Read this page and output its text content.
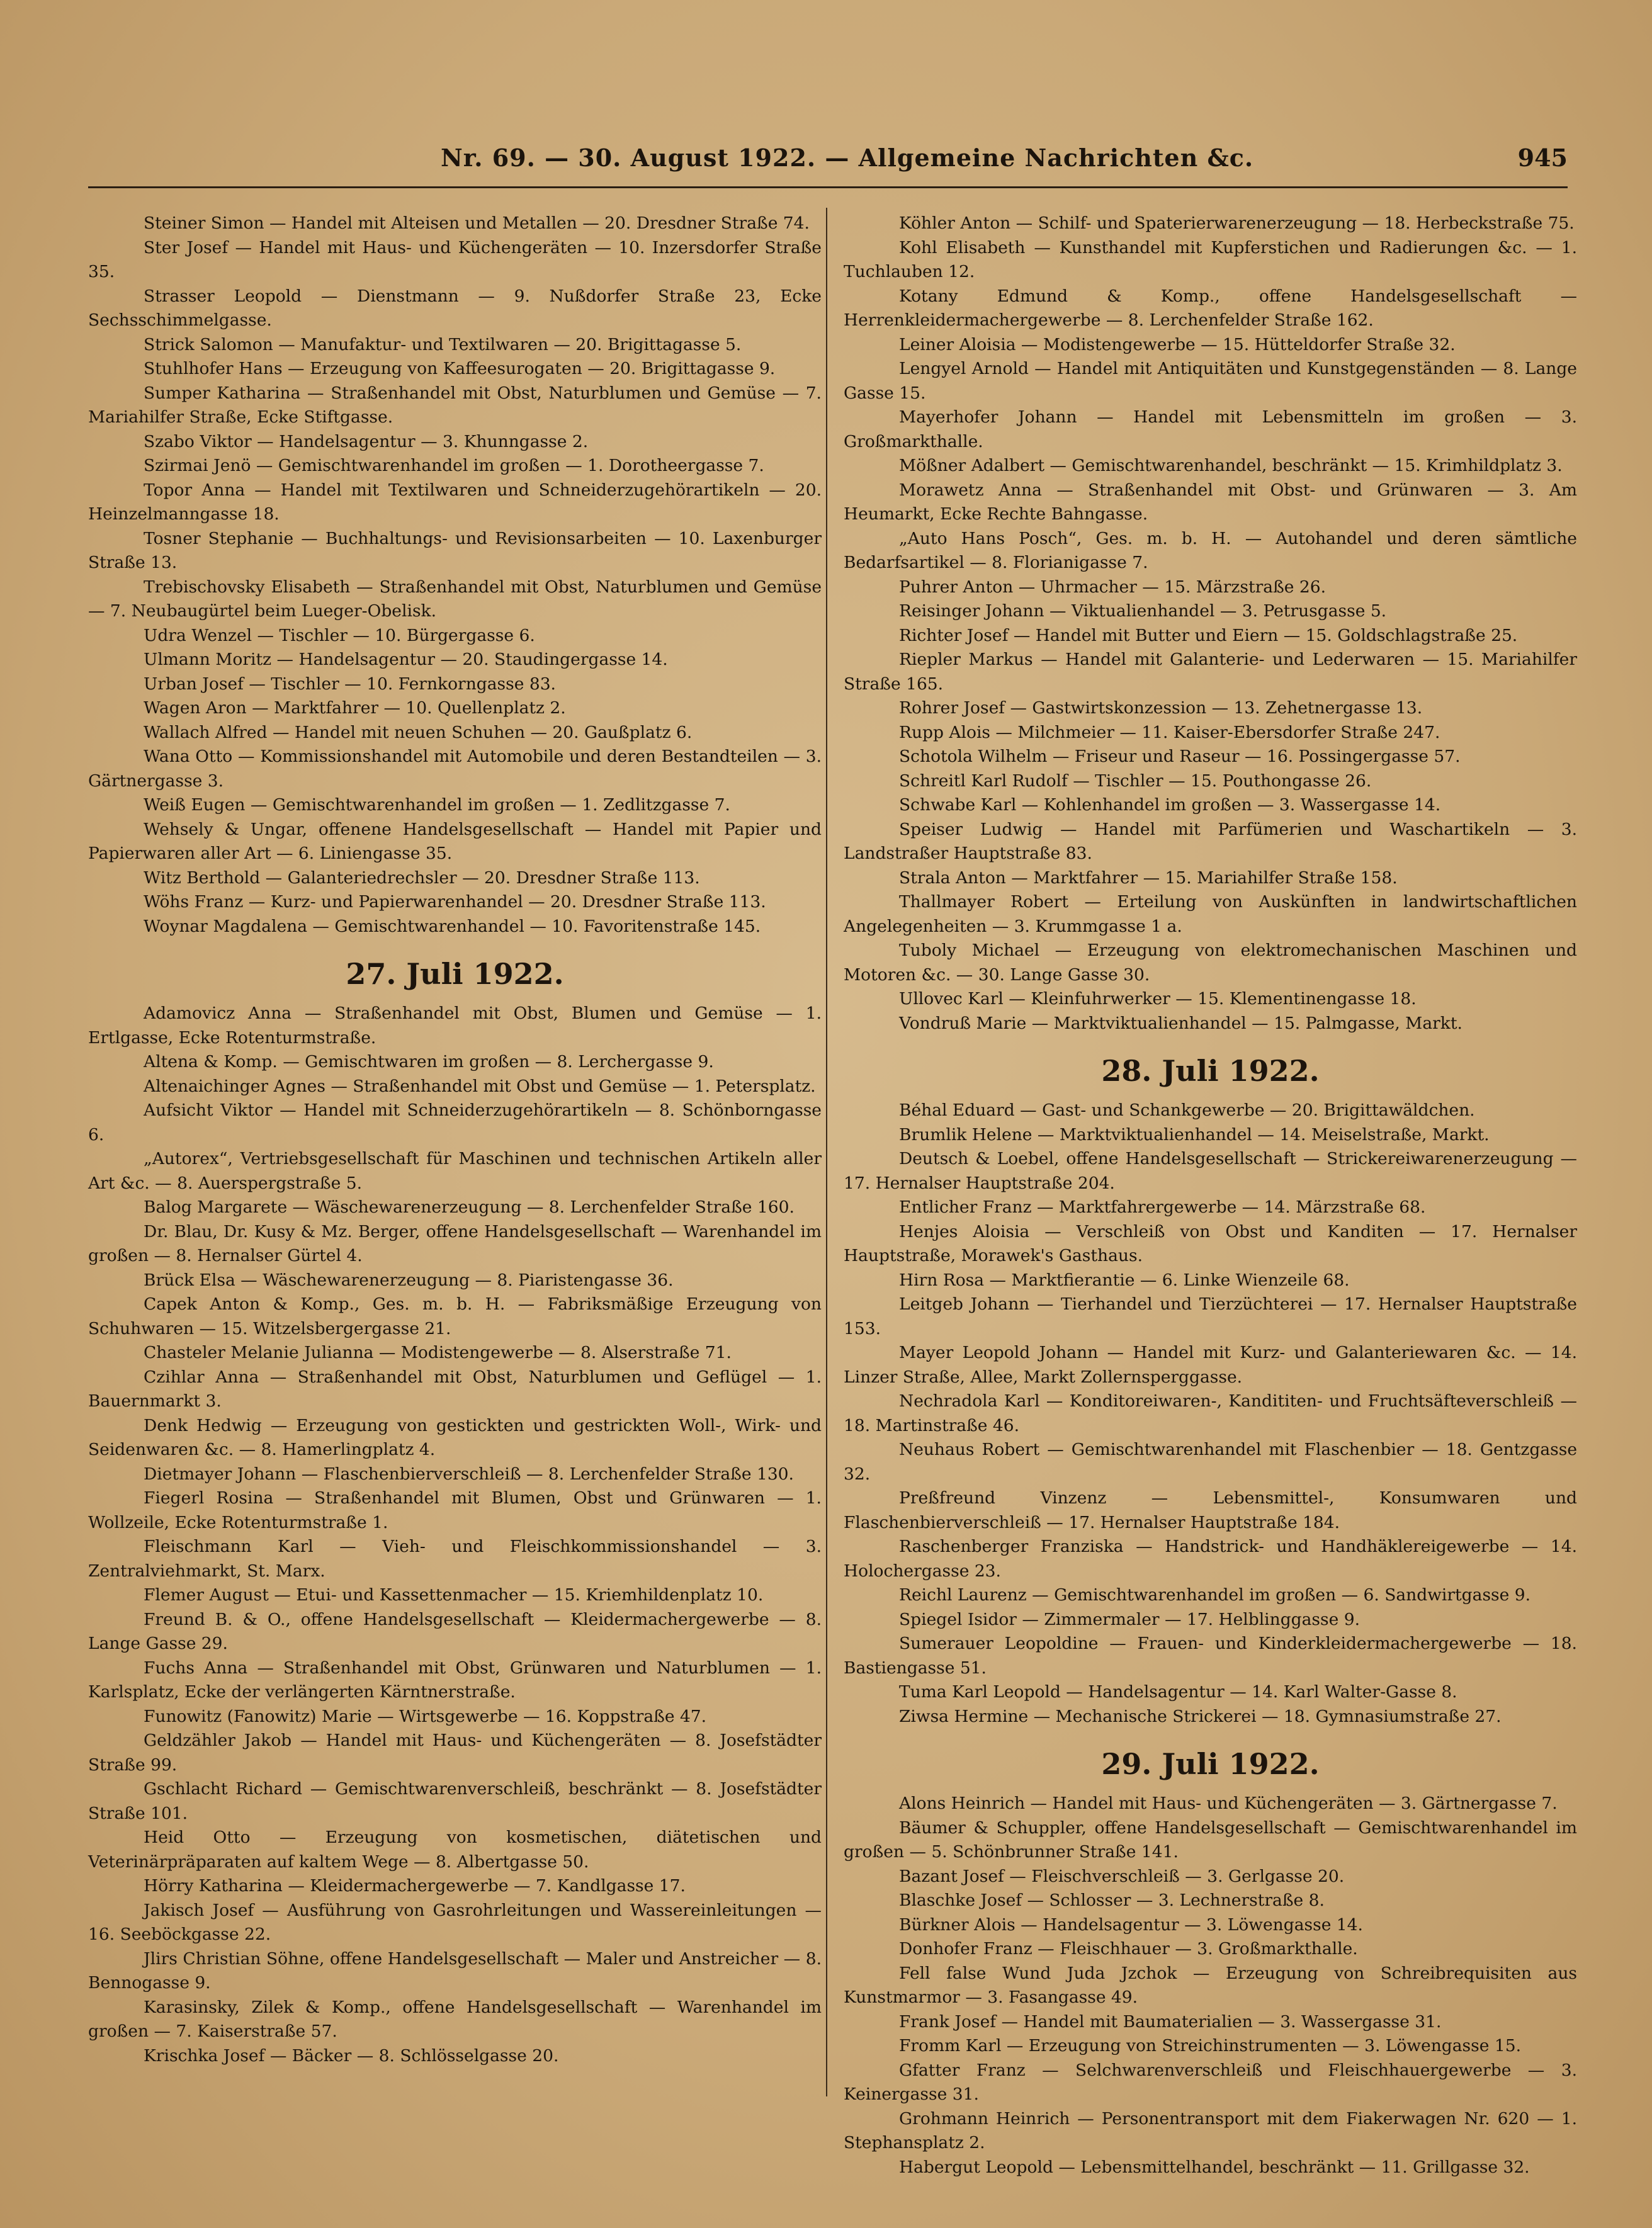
Nr. 69. — 30. August 1922. — Allgemeine Nachrichten &c.	945

Steiner Simon — Handel mit Alteisen und Metallen — 20. Dresdner Straße 74.

Ster Josef — Handel mit Haus- und Küchengeräten — 10. Inzersdorfer Straße 35.

Strasser Leopold — Dienstmann — 9. Nußdorfer Straße 23, Ecke Sechsschimmelgasse.

Strick Salomon — Manufaktur- und Textilwaren — 20. Brigittagasse 5.

Stuhlhofer Hans — Erzeugung von Kaffeesurogaten — 20. Brigittagasse 9.

Sumper Katharina — Straßenhandel mit Obst, Naturblumen und Gemüse — 7. Mariahilfer Straße, Ecke Stiftgasse.

Szabo Viktor — Handelsagentur — 3. Khunngasse 2.

Szirmai Jenö — Gemischtwarenhandel im großen — 1. Dorotheergasse 7.

Topor Anna — Handel mit Textilwaren und Schneiderzugehörartikeln — 20. Heinzelmanngasse 18.

Tosner Stephanie — Buchhaltungs- und Revisionsarbeiten — 10. Laxenburger Straße 13.

Trebischovsky Elisabeth — Straßenhandel mit Obst, Naturblumen und Gemüse — 7. Neubaugürtel beim Lueger-Obelisk.

Udra Wenzel — Tischler — 10. Bürgergasse 6.

Ulmann Moritz — Handelsagentur — 20. Staudingergasse 14.

Urban Josef — Tischler — 10. Fernkorngasse 83.

Wagen Aron — Marktfahrer — 10. Quellenplatz 2.

Wallach Alfred — Handel mit neuen Schuhen — 20. Gaußplatz 6.

Wana Otto — Kommissionshandel mit Automobile und deren Bestandteilen — 3. Gärtnergasse 3.

Weiß Eugen — Gemischtwarenhandel im großen — 1. Zedlitzgasse 7.

Wehsely & Ungar, offenene Handelsgesellschaft — Handel mit Papier und Papierwaren aller Art — 6. Liniengasse 35.

Witz Berthold — Galanteriedrechsler — 20. Dresdner Straße 113.

Wöhs Franz — Kurz- und Papierwarenhandel — 20. Dresdner Straße 113.

Woynar Magdalena — Gemischtwarenhandel — 10. Favoritenstraße 145.

27. Juli 1922.

Adamovicz Anna — Straßenhandel mit Obst, Blumen und Gemüse — 1. Ertlgasse, Ecke Rotenturmstraße.

Altena & Komp. — Gemischtwaren im großen — 8. Lerchergasse 9.

Altenaichinger Agnes — Straßenhandel mit Obst und Gemüse — 1. Petersplatz.

Aufsicht Viktor — Handel mit Schneiderzugehörartikeln — 8. Schönborngasse 6.

„Autorex“, Vertriebsgesellschaft für Maschinen und technischen Artikeln aller Art &c. — 8. Auerspergstraße 5.

Balog Margarete — Wäschewarenerzeugung — 8. Lerchenfelder Straße 160.

Dr. Blau, Dr. Kusy & Mz. Berger, offene Handelsgesellschaft — Warenhandel im großen — 8. Hernalser Gürtel 4.

Brück Elsa — Wäschewarenerzeugung — 8. Piaristengasse 36.

Capek Anton & Komp., Ges. m. b. H. — Fabriksmäßige Erzeugung von Schuhwaren — 15. Witzelsbergergasse 21.

Chasteler Melanie Julianna — Modistengewerbe — 8. Alserstraße 71.

Czihlar Anna — Straßenhandel mit Obst, Naturblumen und Geflügel — 1. Bauernmarkt 3.

Denk Hedwig — Erzeugung von gestickten und gestrickten Woll-, Wirk- und Seidenwaren &c. — 8. Hamerlingplatz 4.

Dietmayer Johann — Flaschenbierverschleiß — 8. Lerchenfelder Straße 130.

Fiegerl Rosina — Straßenhandel mit Blumen, Obst und Grünwaren — 1. Wollzeile, Ecke Rotenturmstraße 1.

Fleischmann Karl — Vieh- und Fleischkommissionshandel — 3. Zentralviehmarkt, St. Marx.

Flemer August — Etui- und Kassettenmacher — 15. Kriemhildenplatz 10.

Freund B. & O., offene Handelsgesellschaft — Kleidermachergewerbe — 8. Lange Gasse 29.

Fuchs Anna — Straßenhandel mit Obst, Grünwaren und Naturblumen — 1. Karlsplatz, Ecke der verlängerten Kärntnerstraße.

Funowitz (Fanowitz) Marie — Wirtsgewerbe — 16. Koppstraße 47.

Geldzähler Jakob — Handel mit Haus- und Küchengeräten — 8. Josefstädter Straße 99.

Gschlacht Richard — Gemischtwarenverschleiß, beschränkt — 8. Josefstädter Straße 101.

Heid Otto — Erzeugung von kosmetischen, diätetischen und Veterinärpräparaten auf kaltem Wege — 8. Albertgasse 50.

Hörry Katharina — Kleidermachergewerbe — 7. Kandlgasse 17.

Jakisch Josef — Ausführung von Gasrohrleitungen und Wassereinleitungen — 16. Seeböckgasse 22.

Jlirs Christian Söhne, offene Handelsgesellschaft — Maler und Anstreicher — 8. Bennogasse 9.

Karasinsky, Zilek & Komp., offene Handelsgesellschaft — Warenhandel im großen — 7. Kaiserstraße 57.

Krischka Josef — Bäcker — 8. Schlösselgasse 20.

Köhler Anton — Schilf- und Spaterierwarenerzeugung — 18. Herbeckstraße 75.

Kohl Elisabeth — Kunsthandel mit Kupferstichen und Radierungen &c. — 1. Tuchlauben 12.

Kotany Edmund & Komp., offene Handelsgesellschaft — Herrenkleidermachergewerbe — 8. Lerchenfelder Straße 162.

Leiner Aloisia — Modistengewerbe — 15. Hütteldorfer Straße 32.

Lengyel Arnold — Handel mit Antiquitäten und Kunstgegenständen — 8. Lange Gasse 15.

Mayerhofer Johann — Handel mit Lebensmitteln im großen — 3. Großmarkthalle.

Mößner Adalbert — Gemischtwarenhandel, beschränkt — 15. Krimhildplatz 3.

Morawetz Anna — Straßenhandel mit Obst- und Grünwaren — 3. Am Heumarkt, Ecke Rechte Bahngasse.

„Auto Hans Posch“, Ges. m. b. H. — Autohandel und deren sämtliche Bedarfsartikel — 8. Florianigasse 7.

Puhrer Anton — Uhrmacher — 15. Märzstraße 26.

Reisinger Johann — Viktualienhandel — 3. Petrusgasse 5.

Richter Josef — Handel mit Butter und Eiern — 15. Goldschlagstraße 25.

Riepler Markus — Handel mit Galanterie- und Lederwaren — 15. Mariahilfer Straße 165.

Rohrer Josef — Gastwirtskonzession — 13. Zehetnergasse 13.

Rupp Alois — Milchmeier — 11. Kaiser-Ebersdorfer Straße 247.

Schotola Wilhelm — Friseur und Raseur — 16. Possingergasse 57.

Schreitl Karl Rudolf — Tischler — 15. Pouthongasse 26.

Schwabe Karl — Kohlenhandel im großen — 3. Wassergasse 14.

Speiser Ludwig — Handel mit Parfümerien und Waschartikeln — 3. Landstraßer Hauptstraße 83.

Strala Anton — Marktfahrer — 15. Mariahilfer Straße 158.

Thallmayer Robert — Erteilung von Auskünften in landwirtschaftlichen Angelegenheiten — 3. Krummgasse 1 a.

Tuboly Michael — Erzeugung von elektromechanischen Maschinen und Motoren &c. — 30. Lange Gasse 30.

Ullovec Karl — Kleinfuhrwerker — 15. Klementinengasse 18.

Vondruß Marie — Marktviktualienhandel — 15. Palmgasse, Markt.

28. Juli 1922.

Béhal Eduard — Gast- und Schankgewerbe — 20. Brigittawäldchen.

Brumlik Helene — Marktviktualienhandel — 14. Meiselstraße, Markt.

Deutsch & Loebel, offene Handelsgesellschaft — Strickereiwarenerzeugung — 17. Hernalser Hauptstraße 204.

Entlicher Franz — Marktfahrergewerbe — 14. Märzstraße 68.

Henjes Aloisia — Verschleiß von Obst und Kanditen — 17. Hernalser Hauptstraße, Morawek's Gasthaus.

Hirn Rosa — Marktfierantie — 6. Linke Wienzeile 68.

Leitgeb Johann — Tierhandel und Tierzüchterei — 17. Hernalser Hauptstraße 153.

Mayer Leopold Johann — Handel mit Kurz- und Galanteriewaren &c. — 14. Linzer Straße, Allee, Markt Zollernsperggasse.

Nechradola Karl — Konditoreiwaren-, Kandititen- und Fruchtsäfteverschleiß — 18. Martinstraße 46.

Neuhaus Robert — Gemischtwarenhandel mit Flaschenbier — 18. Gentzgasse 32.

Preßfreund Vinzenz — Lebensmittel-, Konsumwaren und Flaschenbierverschleiß — 17. Hernalser Hauptstraße 184.

Raschenberger Franziska — Handstrick- und Handhäklereigewerbe — 14. Holochergasse 23.

Reichl Laurenz — Gemischtwarenhandel im großen — 6. Sandwirtgasse 9.

Spiegel Isidor — Zimmermaler — 17. Helblinggasse 9.

Sumerauer Leopoldine — Frauen- und Kinderkleidermachergewerbe — 18. Bastiengasse 51.

Tuma Karl Leopold — Handelsagentur — 14. Karl Walter-Gasse 8.

Ziwsa Hermine — Mechanische Strickerei — 18. Gymnasiumstraße 27.

29. Juli 1922.

Alons Heinrich — Handel mit Haus- und Küchengeräten — 3. Gärtnergasse 7.

Bäumer & Schuppler, offene Handelsgesellschaft — Gemischtwarenhandel im großen — 5. Schönbrunner Straße 141.

Bazant Josef — Fleischverschleiß — 3. Gerlgasse 20.

Blaschke Josef — Schlosser — 3. Lechnerstraße 8.

Bürkner Alois — Handelsagentur — 3. Löwengasse 14.

Donhofer Franz — Fleischhauer — 3. Großmarkthalle.

Fell false Wund Juda Jzchok — Erzeugung von Schreibrequisiten aus Kunstmarmor — 3. Fasangasse 49.

Frank Josef — Handel mit Baumaterialien — 3. Wassergasse 31.

Fromm Karl — Erzeugung von Streichinstrumenten — 3. Löwengasse 15.

Gfatter Franz — Selchwarenverschleiß und Fleischhauergewerbe — 3. Keinergasse 31.

Grohmann Heinrich — Personentransport mit dem Fiakerwagen Nr. 620 — 1. Stephansplatz 2.

Habergut Leopold — Lebensmittelhandel, beschränkt — 11. Grillgasse 32.
